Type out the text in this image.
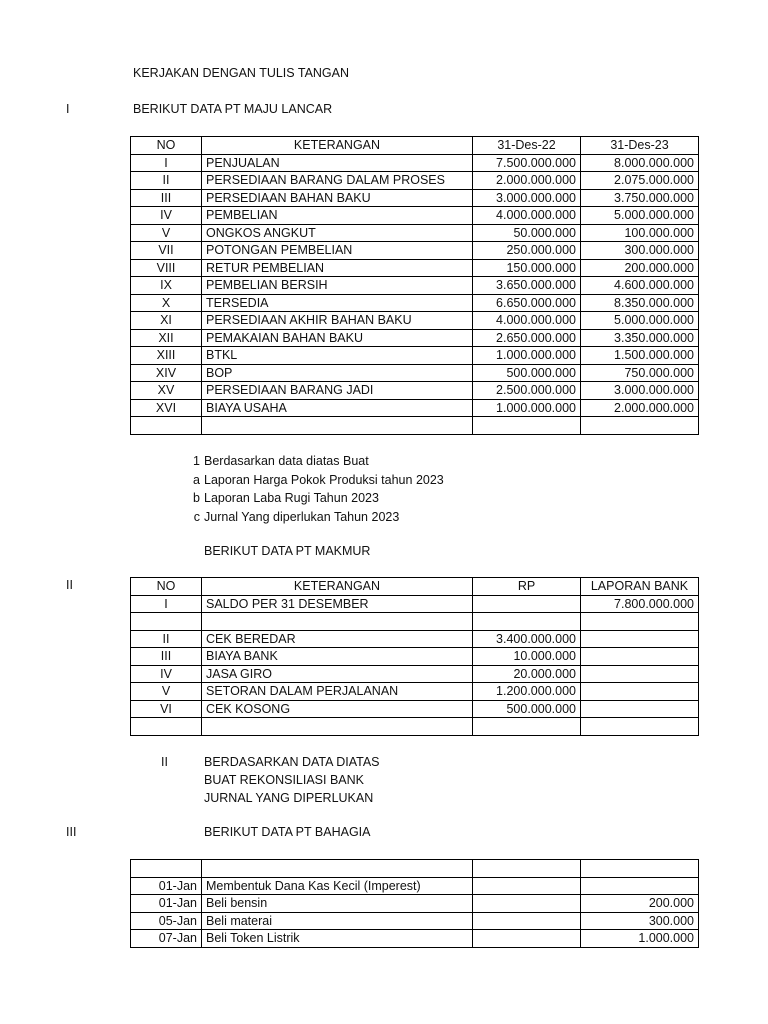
KERJAKAN DENGAN TULIS TANGAN
I	BERIKUT DATA PT MAJU LANCAR
NO	KETERANGAN	31-Des-22	31-Des-23
I	PENJUALAN	7.500.000.000	8.000.000.000
II	PERSEDIAAN BARANG DALAM PROSES	2.000.000.000	2.075.000.000
III	PERSEDIAAN BAHAN BAKU	3.000.000.000	3.750.000.000
IV	PEMBELIAN	4.000.000.000	5.000.000.000
V	ONGKOS ANGKUT	50.000.000	100.000.000
VII	POTONGAN PEMBELIAN	250.000.000	300.000.000
VIII	RETUR PEMBELIAN	150.000.000	200.000.000
IX	PEMBELIAN BERSIH	3.650.000.000	4.600.000.000
X	TERSEDIA	6.650.000.000	8.350.000.000
XI	PERSEDIAAN AKHIR BAHAN BAKU	4.000.000.000	5.000.000.000
XII	PEMAKAIAN BAHAN BAKU	2.650.000.000	3.350.000.000
XIII	BTKL	1.000.000.000	1.500.000.000
XIV	BOP	500.000.000	750.000.000
XV	PERSEDIAAN BARANG JADI	2.500.000.000	3.000.000.000
XVI	BIAYA USAHA	1.000.000.000	2.000.000.000

1 Berdasarkan data diatas Buat
a Laporan Harga Pokok Produksi tahun 2023
b Laporan Laba Rugi Tahun 2023
c Jurnal Yang diperlukan Tahun 2023
BERIKUT DATA PT MAKMUR
II	NO	KETERANGAN	RP	LAPORAN BANK
I	SALDO PER 31 DESEMBER		7.800.000.000

II	CEK BEREDAR	3.400.000.000	
III	BIAYA BANK	10.000.000	
IV	JASA GIRO	20.000.000	
V	SETORAN DALAM PERJALANAN	1.200.000.000	
VI	CEK KOSONG	500.000.000	

II	BERDASARKAN DATA DIATAS
BUAT REKONSILIASI BANK
JURNAL YANG DIPERLUKAN
III	BERIKUT DATA PT BAHAGIA

01-Jan	Membentuk Dana Kas Kecil (Imperest)		
01-Jan	Beli bensin		200.000
05-Jan	Beli materai		300.000
07-Jan	Beli Token Listrik		1.000.000
